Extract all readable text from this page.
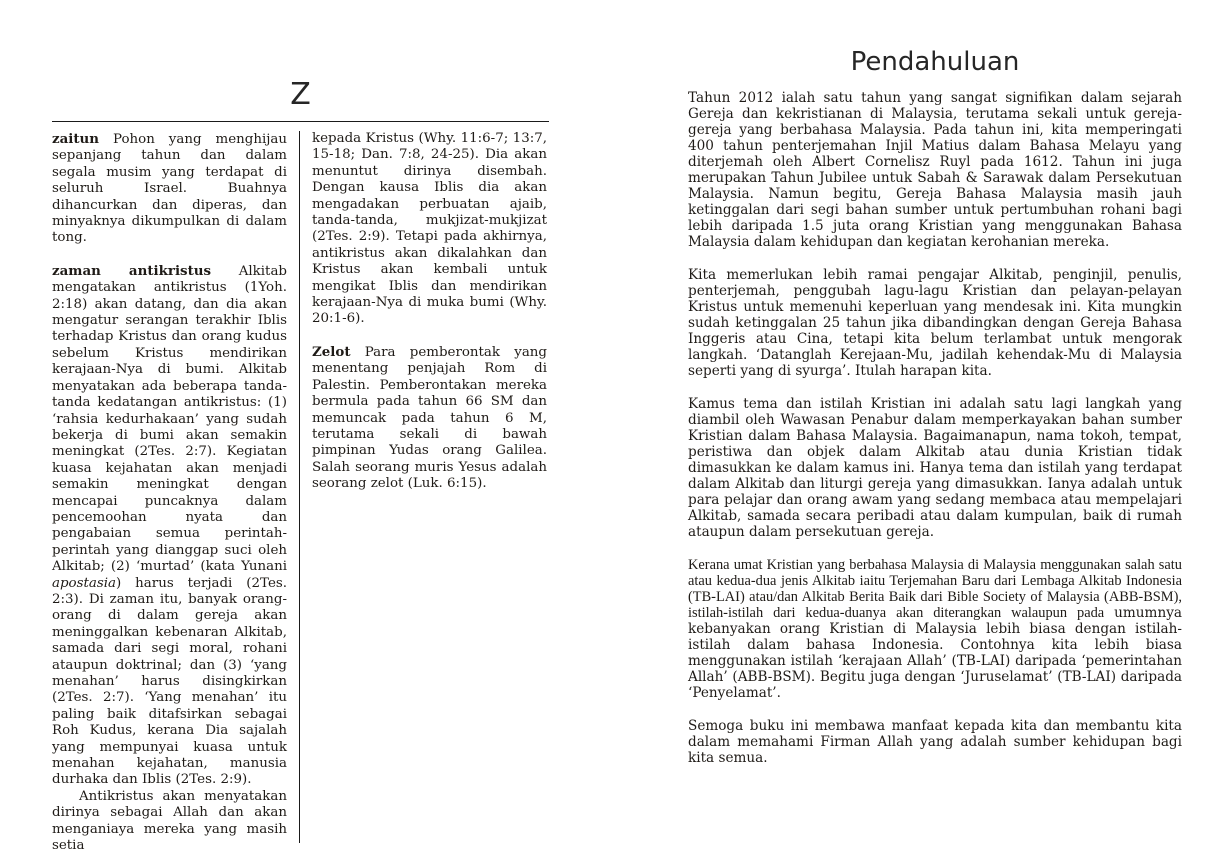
Z

zaitun Pohon yang menghijau sepanjang tahun dan dalam segala musim yang terdapat di seluruh Israel. Buahnya dihancurkan dan diperas, dan minyaknya dikumpulkan di dalam tong.

zaman antikristus Alkitab mengatakan antikristus (1Yoh. 2:18) akan datang, dan dia akan mengatur serangan terakhir Iblis terhadap Kristus dan orang kudus sebelum Kristus mendirikan kerajaan-Nya di bumi. Alkitab menyatakan ada beberapa tanda-tanda kedatangan antikristus: (1) ‘rahsia kedurhakaan’ yang sudah bekerja di bumi akan semakin meningkat (2Tes. 2:7). Kegiatan kuasa kejahatan akan menjadi semakin meningkat dengan mencapai puncaknya dalam pencemoohan nyata dan pengabaian semua perintah-perintah yang dianggap suci oleh Alkitab; (2) ‘murtad’ (kata Yunani apostasia) harus terjadi (2Tes. 2:3). Di zaman itu, banyak orang-orang di dalam gereja akan meninggalkan kebenaran Alkitab, samada dari segi moral, rohani ataupun doktrinal; dan (3) ‘yang menahan’ harus disingkirkan (2Tes. 2:7). ‘Yang menahan’ itu paling baik ditafsirkan sebagai Roh Kudus, kerana Dia sajalah yang mempunyai kuasa untuk menahan kejahatan, manusia durhaka dan Iblis (2Tes. 2:9).

Antikristus akan menyatakan dirinya sebagai Allah dan akan menganiaya mereka yang masih setia

kepada Kristus (Why. 11:6-7; 13:7, 15-18; Dan. 7:8, 24-25). Dia akan menuntut dirinya disembah. Dengan kausa Iblis dia akan mengadakan perbuatan ajaib, tanda-tanda, mukjizat-mukjizat (2Tes. 2:9). Tetapi pada akhirnya, antikristus akan dikalahkan dan Kristus akan kembali untuk mengikat Iblis dan mendirikan kerajaan-Nya di muka bumi (Why. 20:1-6).

Zelot Para pemberontak yang menentang penjajah Rom di Palestin. Pemberontakan mereka bermula pada tahun 66 SM dan memuncak pada tahun 6 M, terutama sekali di bawah pimpinan Yudas orang Galilea. Salah seorang muris Yesus adalah seorang zelot (Luk. 6:15).

Pendahuluan

Tahun 2012 ialah satu tahun yang sangat signifikan dalam sejarah Gereja dan kekristianan di Malaysia, terutama sekali untuk gereja-gereja yang berbahasa Malaysia. Pada tahun ini, kita memperingati 400 tahun penterjemahan Injil Matius dalam Bahasa Melayu yang diterjemah oleh Albert Cornelisz Ruyl pada 1612. Tahun ini juga merupakan Tahun Jubilee untuk Sabah & Sarawak dalam Persekutuan Malaysia. Namun begitu, Gereja Bahasa Malaysia masih jauh ketinggalan dari segi bahan sumber untuk pertumbuhan rohani bagi lebih daripada 1.5 juta orang Kristian yang menggunakan Bahasa Malaysia dalam kehidupan dan kegiatan kerohanian mereka.

Kita memerlukan lebih ramai pengajar Alkitab, penginjil, penulis, penterjemah, penggubah lagu-lagu Kristian dan pelayan-pelayan Kristus untuk memenuhi keperluan yang mendesak ini. Kita mungkin sudah ketinggalan 25 tahun jika dibandingkan dengan Gereja Bahasa Inggeris atau Cina, tetapi kita belum terlambat untuk mengorak langkah. ‘Datanglah Kerejaan-Mu, jadilah kehendak-Mu di Malaysia seperti yang di syurga’. Itulah harapan kita.

Kamus tema dan istilah Kristian ini adalah satu lagi langkah yang diambil oleh Wawasan Penabur dalam memperkayakan bahan sumber Kristian dalam Bahasa Malaysia. Bagaimanapun, nama tokoh, tempat, peristiwa dan objek dalam Alkitab atau dunia Kristian tidak dimasukkan ke dalam kamus ini. Hanya tema dan istilah yang terdapat dalam Alkitab dan liturgi gereja yang dimasukkan. Ianya adalah untuk para pelajar dan orang awam yang sedang membaca atau mempelajari Alkitab, samada secara peribadi atau dalam kumpulan, baik di rumah ataupun dalam persekutuan gereja.

Kerana umat Kristian yang berbahasa Malaysia di Malaysia menggunakan salah satu atau kedua-dua jenis Alkitab iaitu Terjemahan Baru dari Lembaga Alkitab Indonesia (TB-LAI) atau/dan Alkitab Berita Baik dari Bible Society of Malaysia (ABB-BSM), istilah-istilah dari kedua-duanya akan diterangkan walaupun pada umumnya kebanyakan orang Kristian di Malaysia lebih biasa dengan istilah-istilah dalam bahasa Indonesia. Contohnya kita lebih biasa menggunakan istilah ‘kerajaan Allah’ (TB-LAI) daripada ‘pemerintahan Allah’ (ABB-BSM). Begitu juga dengan ‘Juruselamat’ (TB-LAI) daripada ‘Penyelamat’.

Semoga buku ini membawa manfaat kepada kita dan membantu kita dalam memahami Firman Allah yang adalah sumber kehidupan bagi kita semua.
